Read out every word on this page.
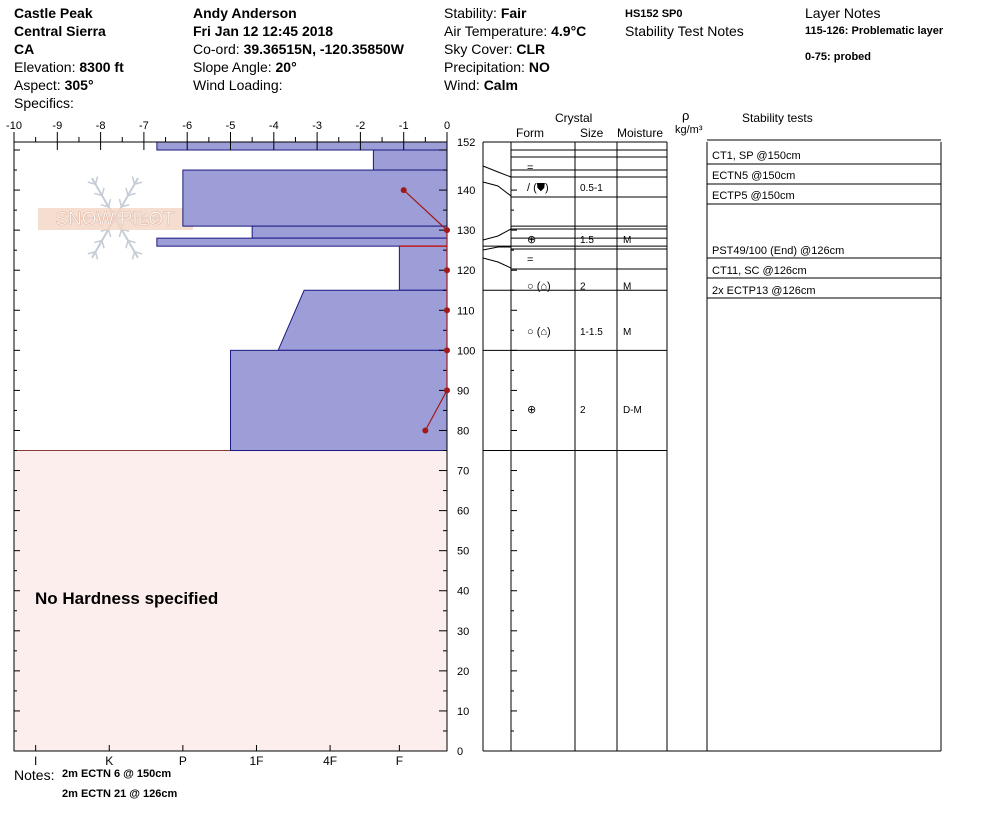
Castle Peak
Central Sierra
CA
Elevation: 8300 ft
Aspect: 305°
Specifics:
Andy Anderson
Fri Jan 12 12:45 2018
Co-ord: 39.36515N, -120.35850W
Slope Angle: 20°
Wind Loading:
Stability: Fair
Air Temperature: 4.9°C
Sky Cover: CLR
Precipitation: NO
Wind: Calm
HS152 SP0
Stability Test Notes
Layer Notes
115-126: Problematic layer
0-75: probed
Crystal
Form	Size Moisture
ρ
kg/m³
Stability tests
SNOW PILOT
-10	-9	-8	-7	-6	-5	-4	-3	-2	-1	0
152
140
130
120
110
100
90
80
70
60
50
40
30
20
10
0
I	K	P	1F	4F	F
=
/ (⛊)	0.5-1
⊕	1.5	M
=
○ (⌂)	2	M
○ (⌂)	1-1.5 M
⊕	2	D-M
CT1, SP @150cm
ECTN5 @150cm
ECTP5 @150cm
PST49/100 (End) @126cm
CT11, SC @126cm
2x ECTP13 @126cm
No Hardness specified
Notes: 2m ECTN 6 @ 150cm
2m ECTN 21 @ 126cm
